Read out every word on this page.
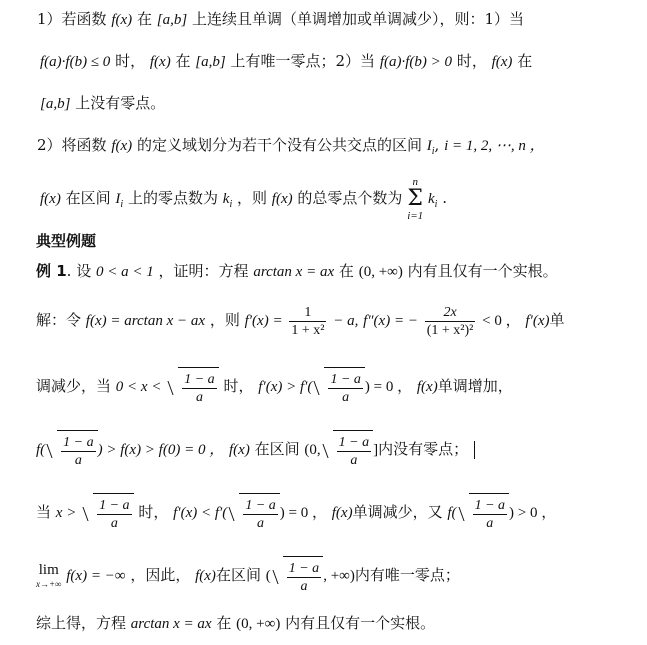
1）若函数 f(x) 在 [a,b] 上连续且单调（单调增加或单调减少），则：1）当
f(a)·f(b) ≤ 0 时， f(x) 在 [a,b] 上有唯一零点；2）当 f(a)·f(b) > 0 时， f(x) 在
[a,b] 上没有零点。
2）将函数 f(x) 的定义域划分为若干个没有公共交点的区间 $I_i$, i = 1, 2, ⋯, n ，
f(x) 在区间 $I_i$ 上的零点数为 $k_i$ ，则 f(x) 的总零点个数为 n
Σ
i=1 $k_i$ .
典型例题
例 1. 设 0 < a < 1 ，证明：方程 arctan x = ax 在 (0, +∞) 内有且仅有一个实根。
解：令 f(x) = arctan x − ax ，则 $f'(x) = \frac{1}{\text{1 + x²}} - a$, f″(x) = − $\frac{2x}{\text{(1 + x²)²}} < 0$ ， f′(x)单
调减少，当 $0 < x < \frac{1 - a}{a}$ 时， $f'(x) > f'( \frac{1 - a}{a}$ ) = 0 ， f(x)单调增加，
$f( \frac{1 - a}{a}$ ) > f(x) > f(0) = 0 ， f(x) 在区间 (0, $\frac{1 - a}{a}$ ]内没有零点；
当 $x > \frac{1 - a}{a}$ 时， $f'(x) < f'( \frac{1 - a}{a}$ ) = 0 ， f(x)单调减少，又 $f( \frac{1 - a}{a}$ ) > 0 ，
lim
x→+∞ f(x) = −∞ ，因此， f(x)在区间 ( $\frac{1 - a}{a}$ , +∞)内有唯一零点；
综上得，方程 arctan x = ax 在 (0, +∞) 内有且仅有一个实根。
